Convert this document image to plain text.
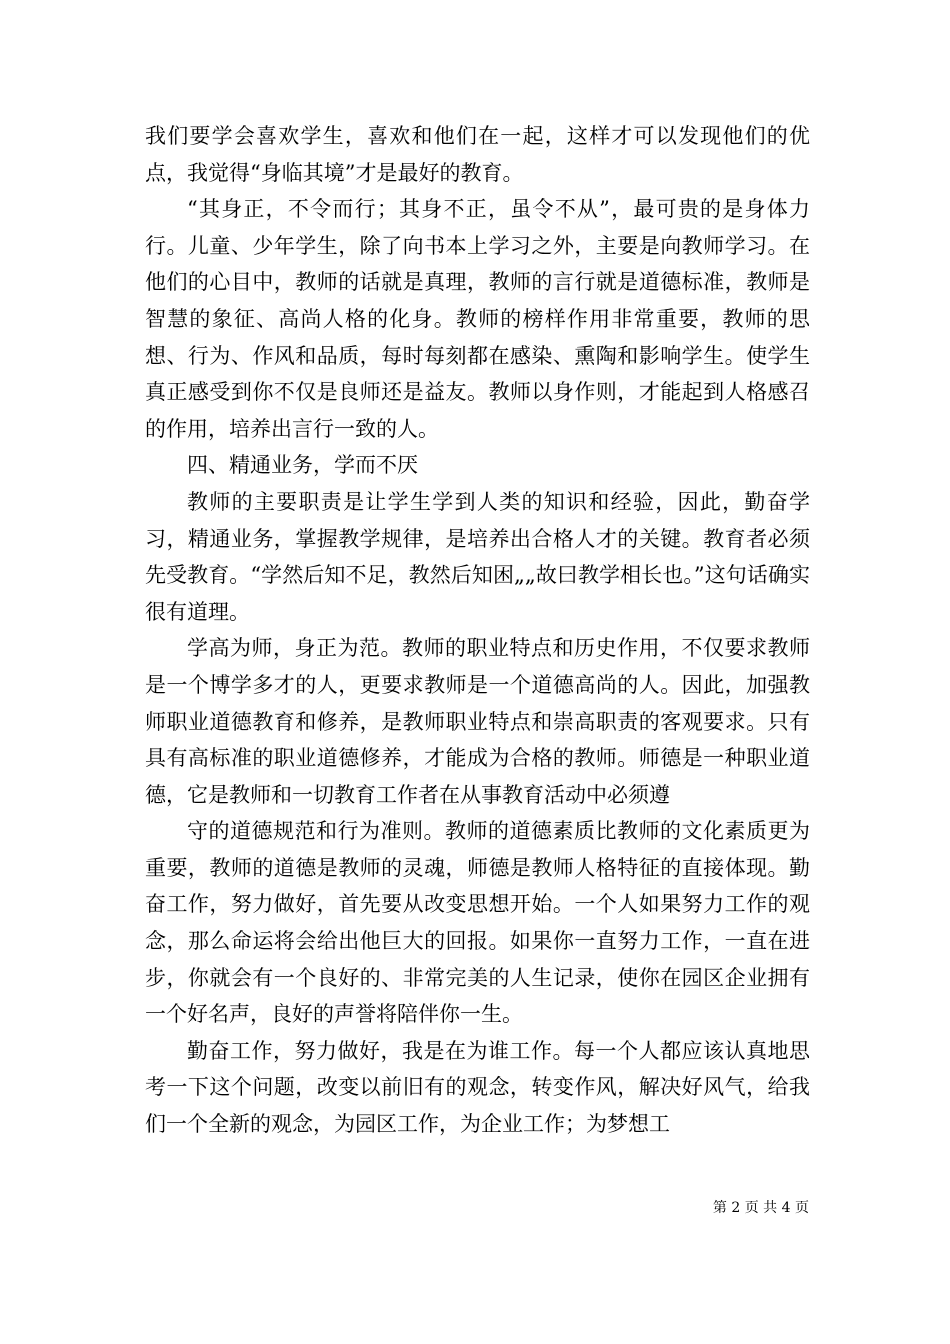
我们要学会喜欢学生，喜欢和他们在一起，这样才可以发现他们的优点，我觉得“身临其境”才是最好的教育。

“其身正，不令而行；其身不正，虽令不从”，最可贵的是身体力行。儿童、少年学生，除了向书本上学习之外，主要是向教师学习。在他们的心目中，教师的话就是真理，教师的言行就是道德标准，教师是智慧的象征、高尚人格的化身。教师的榜样作用非常重要，教师的思想、行为、作风和品质，每时每刻都在感染、熏陶和影响学生。使学生真正感受到你不仅是良师还是益友。教师以身作则，才能起到人格感召的作用，培养出言行一致的人。

四、精通业务，学而不厌

教师的主要职责是让学生学到人类的知识和经验，因此，勤奋学习，精通业务，掌握教学规律，是培养出合格人才的关键。教育者必须先受教育。“学然后知不足，教然后知困„„故曰教学相长也。”这句话确实很有道理。

学高为师，身正为范。教师的职业特点和历史作用，不仅要求教师是一个博学多才的人，更要求教师是一个道德高尚的人。因此，加强教师职业道德教育和修养，是教师职业特点和崇高职责的客观要求。只有具有高标准的职业道德修养，才能成为合格的教师。师德是一种职业道德，它是教师和一切教育工作者在从事教育活动中必须遵

守的道德规范和行为准则。教师的道德素质比教师的文化素质更为重要，教师的道德是教师的灵魂，师德是教师人格特征的直接体现。勤奋工作，努力做好，首先要从改变思想开始。一个人如果努力工作的观念，那么命运将会给出他巨大的回报。如果你一直努力工作，一直在进步，你就会有一个良好的、非常完美的人生记录，使你在园区企业拥有一个好名声，良好的声誉将陪伴你一生。

勤奋工作，努力做好，我是在为谁工作。每一个人都应该认真地思考一下这个问题，改变以前旧有的观念，转变作风，解决好风气，给我们一个全新的观念，为园区工作，为企业工作；为梦想工

第 2 页 共 4 页
